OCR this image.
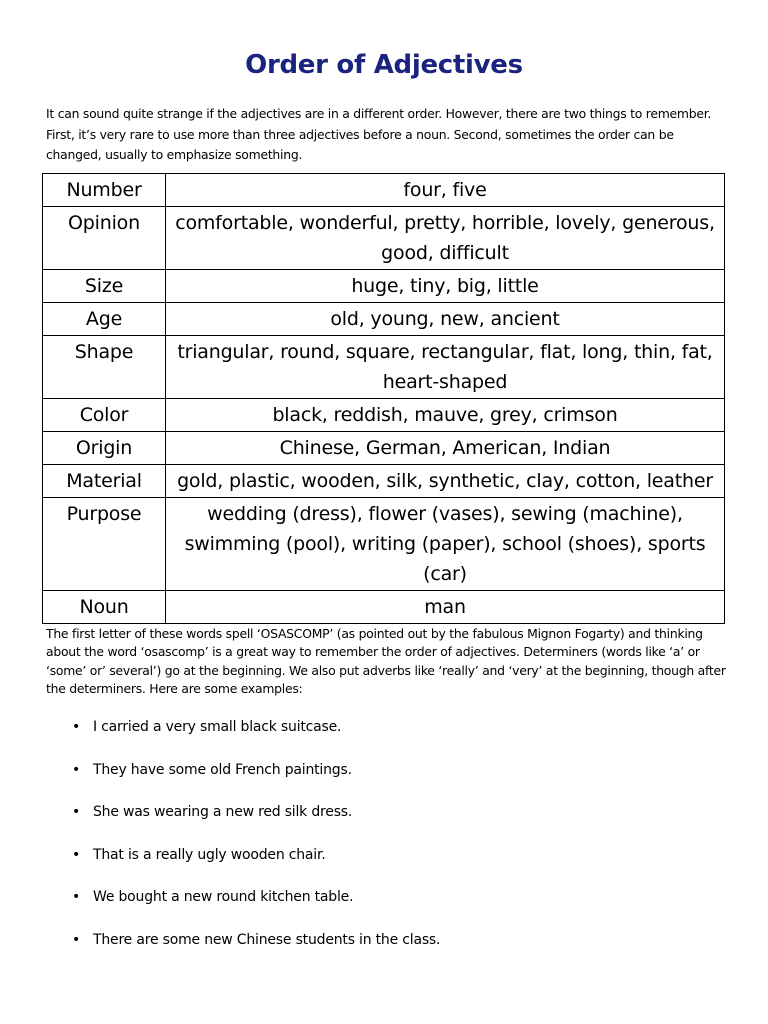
Order of Adjectives
It can sound quite strange if the adjectives are in a different order. However, there are two things to remember. First, it’s very rare to use more than three adjectives before a noun. Second, sometimes the order can be changed, usually to emphasize something.
Number	four, five
Opinion	comfortable, wonderful, pretty, horrible, lovely, generous, good, difficult
Size	huge, tiny, big, little
Age	old, young, new, ancient
Shape	triangular, round, square, rectangular, flat, long, thin, fat, heart-shaped
Color	black, reddish, mauve, grey, crimson
Origin	Chinese, German, American, Indian
Material	gold, plastic, wooden, silk, synthetic, clay, cotton, leather
Purpose	wedding (dress), flower (vases), sewing (machine), swimming (pool), writing (paper), school (shoes), sports (car)
Noun	man
The first letter of these words spell ‘OSASCOMP’ (as pointed out by the fabulous Mignon Fogarty) and thinking about the word ‘osascomp’ is a great way to remember the order of adjectives. Determiners (words like ‘a’ or ‘some’ or’ several’) go at the beginning. We also put adverbs like ‘really’ and ‘very’ at the beginning, though after the determiners. Here are some examples:
• I carried a very small black suitcase.
• They have some old French paintings.
• She was wearing a new red silk dress.
• That is a really ugly wooden chair.
• We bought a new round kitchen table.
• There are some new Chinese students in the class.
